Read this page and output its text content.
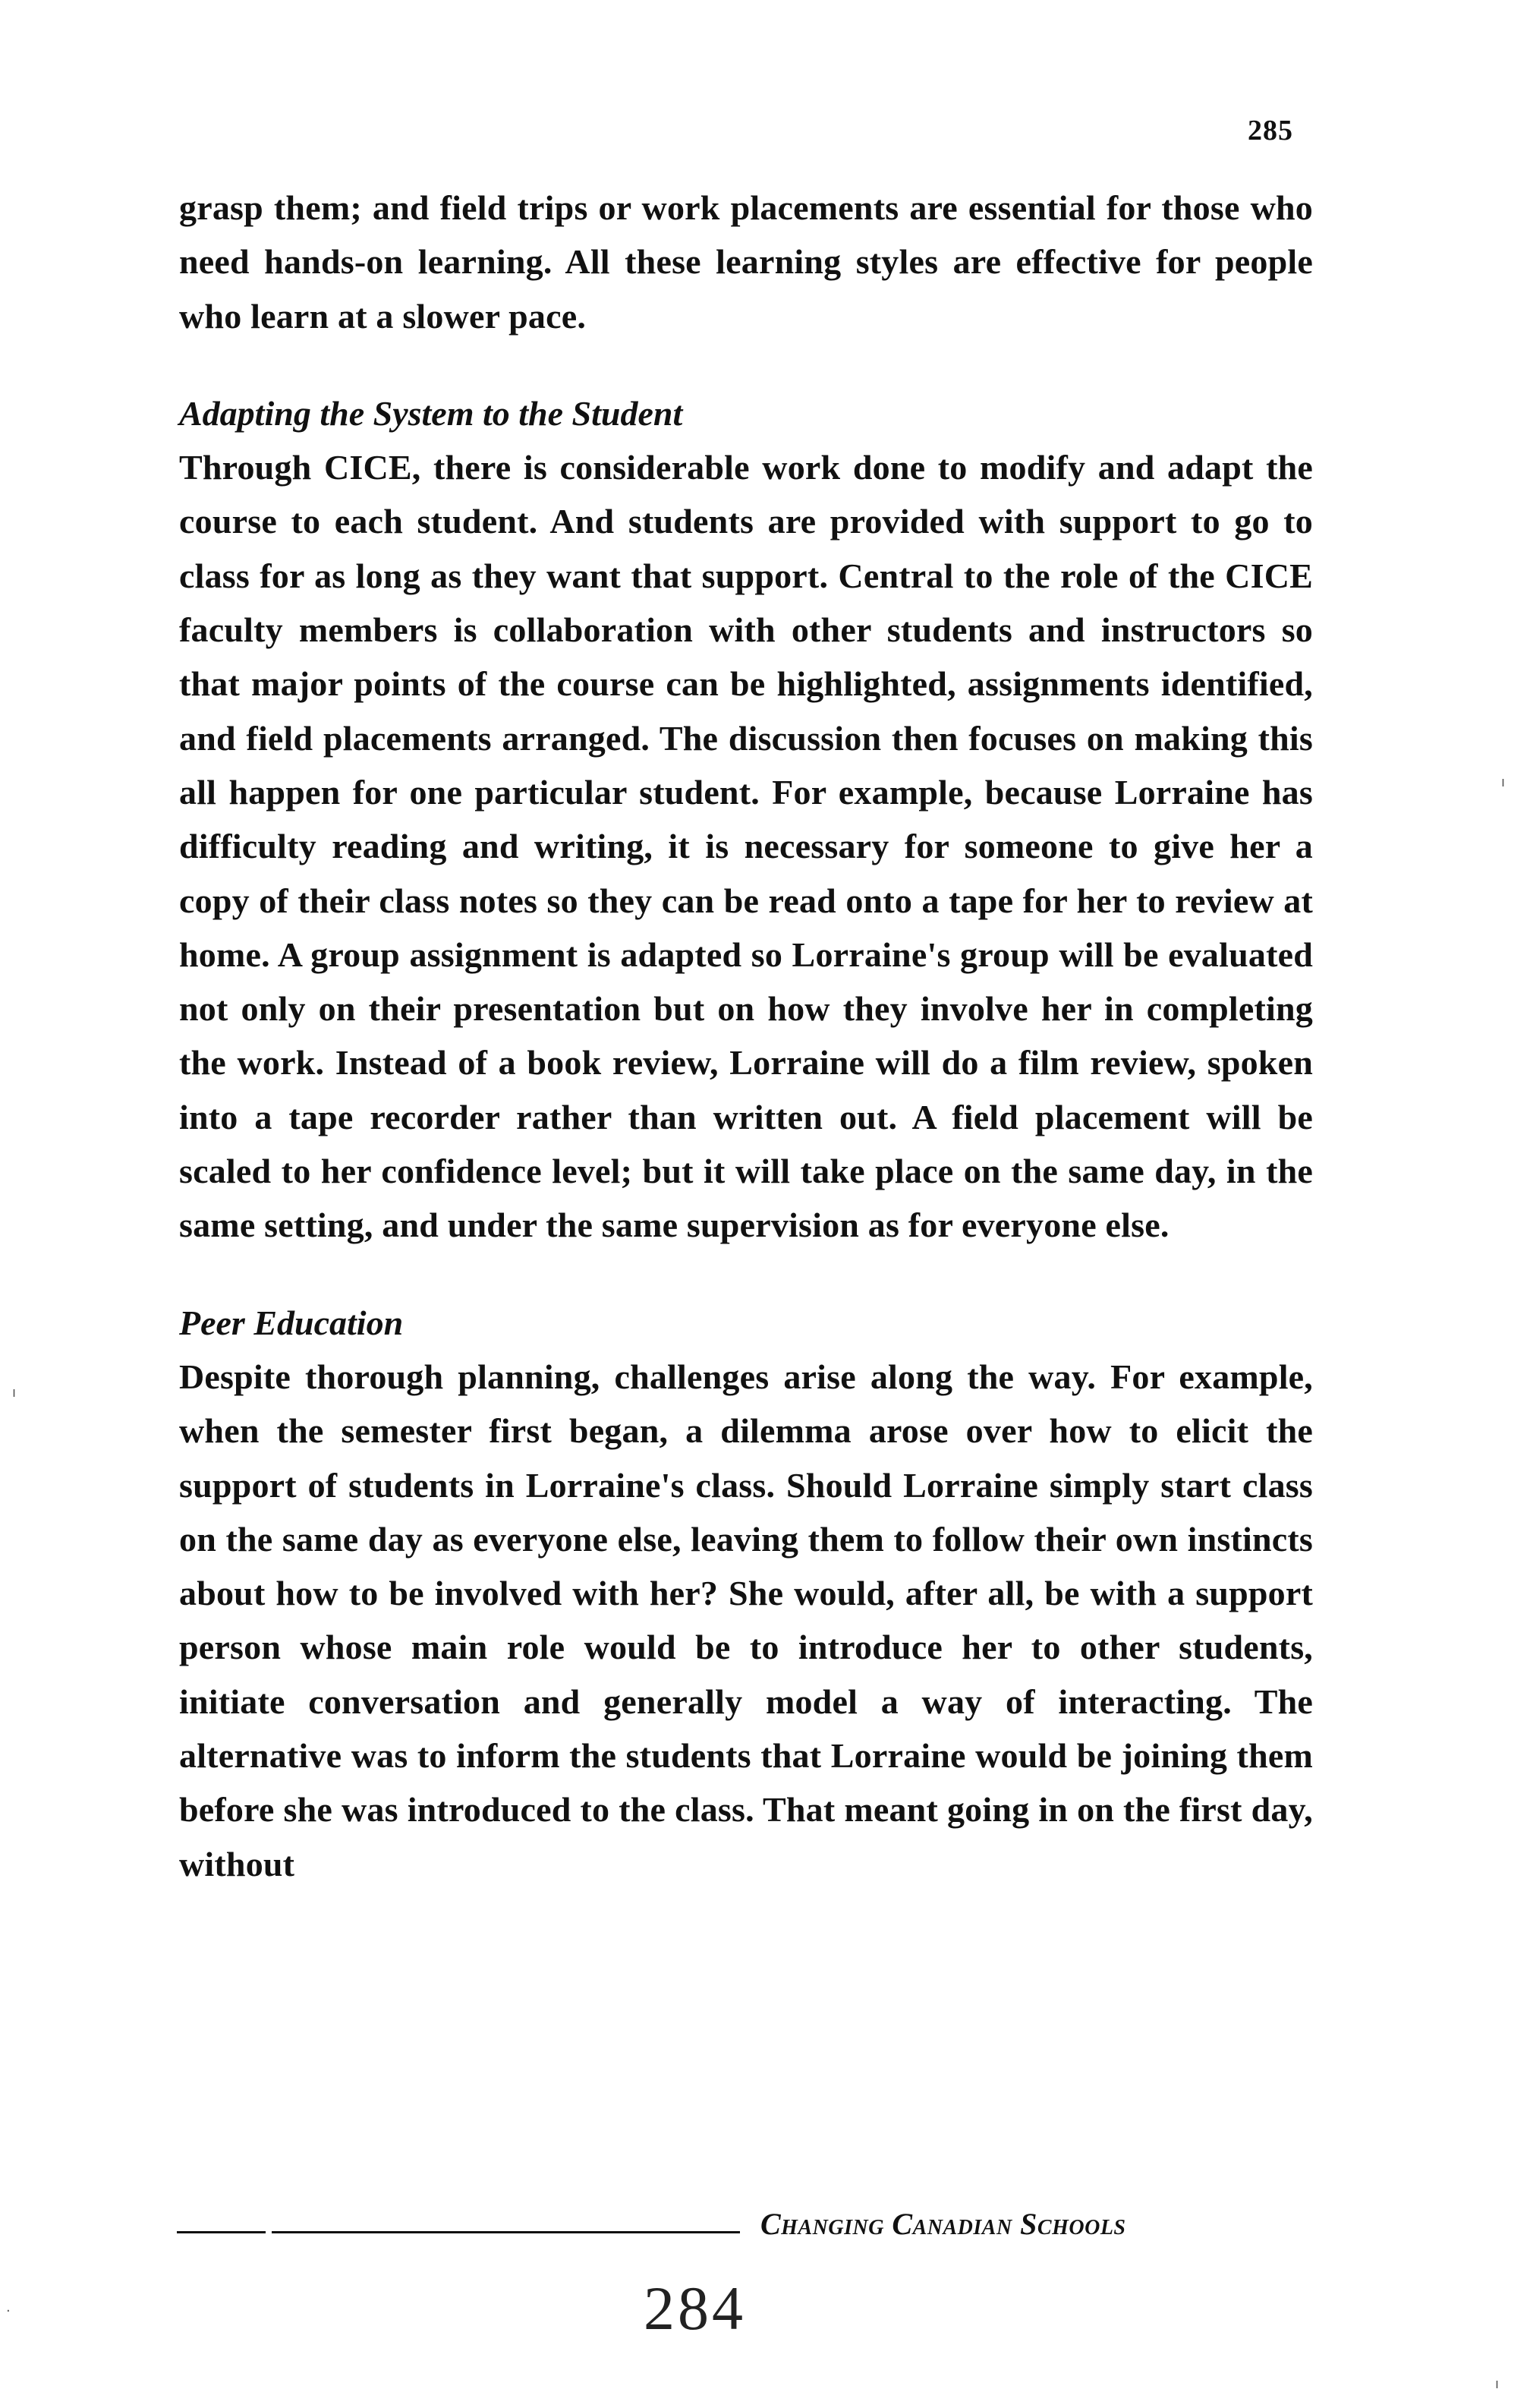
285

grasp them; and field trips or work placements are essential for those who need hands-on learning. All these learning styles are effective for people who learn at a slower pace.

Adapting the System to the Student

Through CICE, there is considerable work done to modify and adapt the course to each student. And students are provided with support to go to class for as long as they want that support. Central to the role of the CICE faculty members is collaboration with other students and instructors so that major points of the course can be highlighted, assignments identified, and field placements arranged. The discussion then focuses on making this all happen for one particular student. For example, because Lorraine has difficulty reading and writing, it is necessary for someone to give her a copy of their class notes so they can be read onto a tape for her to review at home. A group assignment is adapted so Lorraine's group will be evaluated not only on their presentation but on how they involve her in completing the work. Instead of a book review, Lorraine will do a film review, spoken into a tape recorder rather than written out. A field placement will be scaled to her confidence level; but it will take place on the same day, in the same setting, and under the same supervision as for everyone else.

Peer Education

Despite thorough planning, challenges arise along the way. For example, when the semester first began, a dilemma arose over how to elicit the support of students in Lorraine's class. Should Lorraine simply start class on the same day as everyone else, leaving them to follow their own instincts about how to be involved with her? She would, after all, be with a support person whose main role would be to introduce her to other students, initiate conversation and generally model a way of interacting. The alternative was to inform the students that Lorraine would be joining them before she was introduced to the class. That meant going in on the first day, without

Changing Canadian Schools
284
ı
ı
·
ı
